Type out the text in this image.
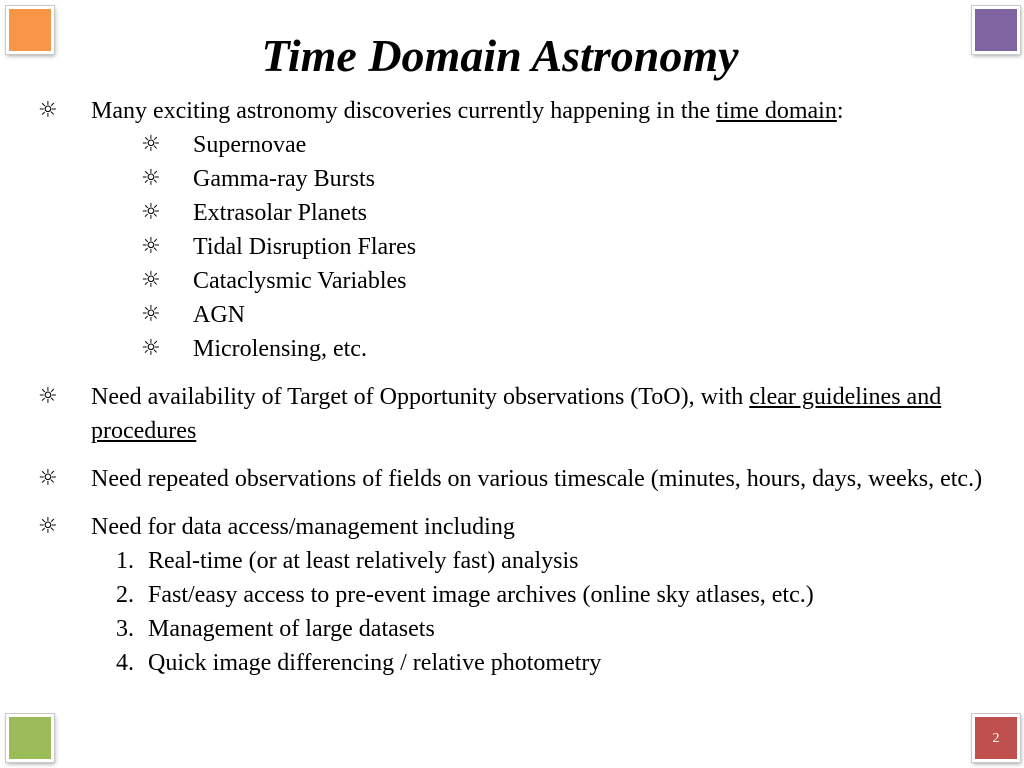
2
Time Domain Astronomy
☼ Many exciting astronomy discoveries currently happening in the time domain:
☼ Supernovae
☼ Gamma-ray Bursts
☼ Extrasolar Planets
☼ Tidal Disruption Flares
☼ Cataclysmic Variables
☼ AGN
☼ Microlensing, etc.
☼ Need availability of Target of Opportunity observations (ToO), with clear guidelines and procedures
☼ Need repeated observations of fields on various timescale (minutes, hours, days, weeks, etc.)
☼ Need for data access/management including
1. Real-time (or at least relatively fast) analysis
2. Fast/easy access to pre-event image archives (online sky atlases, etc.)
3. Management of large datasets
4. Quick image differencing / relative photometry
